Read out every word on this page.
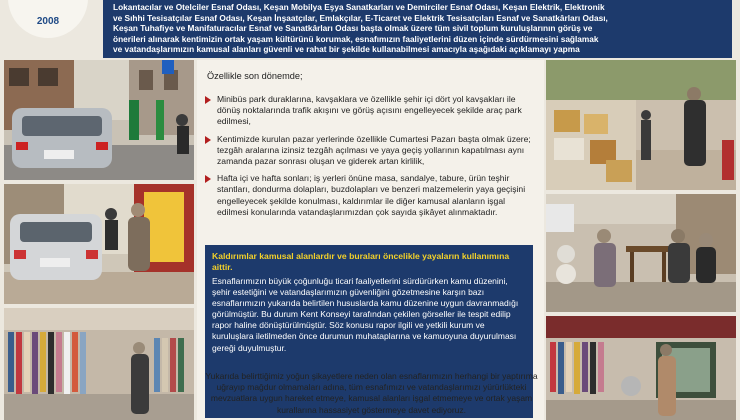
2008
Lokantacılar ve Otelciler Esnaf Odası, Keşan Mobilya Eşya Sanatkarları ve Demirciler Esnaf Odası, Keşan Elektrik, Elektronik
ve Sıhhi Tesisatçılar Esnaf Odası, Keşan İnşaatçılar, Emlakçılar, E-Ticaret ve Elektrik Tesisatçıları Esnaf ve Sanatkârları Odası,
Keşan Tuhafiye ve Manifaturacılar Esnaf ve Sanatkârları Odası başta olmak üzere tüm sivil toplum kuruluşlarının görüş ve
önerileri alınarak kentimizin ortak yaşam kültürünü korumak, esnafımızın faaliyetlerini düzen içinde sürdürmesini sağlamak
ve vatandaşlarımızın kamusal alanları güvenli ve rahat bir şekilde kullanabilmesi amacıyla aşağıdaki açıklamayı yapma
Özellikle son dönemde;
Minibüs park duraklarına, kavşaklara ve özellikle şehir içi dört yol kavşakları ile dönüş noktalarında trafik akışını ve görüş açısını engelleyecek şekilde araç park edilmesi,
Kentimizde kurulan pazar yerlerinde özellikle Cumartesi Pazarı başta olmak üzere; tezgâh aralarına izinsiz tezgâh açılması ve yaya geçiş yollarının kapatılması aynı zamanda pazar sonrası oluşan ve giderek artan kirlilik,
Hafta içi ve hafta sonları; iş yerleri önüne masa, sandalye, tabure, ürün teşhir stantları, dondurma dolapları, buzdolapları ve benzeri malzemelerin yaya geçişini engelleyecek şekilde konulması, kaldırımlar ile diğer kamusal alanların işgal edilmesi konularında vatandaşlarımızdan çok sayıda şikâyet alınmaktadır.
Kaldırımlar kamusal alanlardır ve buraları öncelikle yayaların kullanımına aittir.
Esnaflarımızın büyük çoğunluğu ticari faaliyetlerini sürdürürken kamu düzenini, şehir estetiğini ve vatandaşlarımızın güvenliğini gözetmesine karşın bazı esnaflarımızın yukarıda belirtilen hususlarda kamu düzenine uygun davranmadığı görülmüştür. Bu durum Kent Konseyi tarafından çekilen görseller ile tespit edilip rapor haline dönüştürülmüştür. Söz konusu rapor ilgili ve yetkili kurum ve kuruluşlara iletilmeden önce durumun muhataplarına ve kamuoyuna duyurulması gereği duyulmuştur.
Yukarıda belirttiğimiz yoğun şikayetlere neden olan esnaflarımızın herhangi bir yaptırıma uğrayıp mağdur olmamaları adına, tüm esnafımızı ve vatandaşlarımızı yürürlükteki mevzuatlara uygun hareket etmeye, kamusal alanları işgal etmemeye ve ortak yaşam kurallarına hassasiyet göstermeye davet ediyoruz.
